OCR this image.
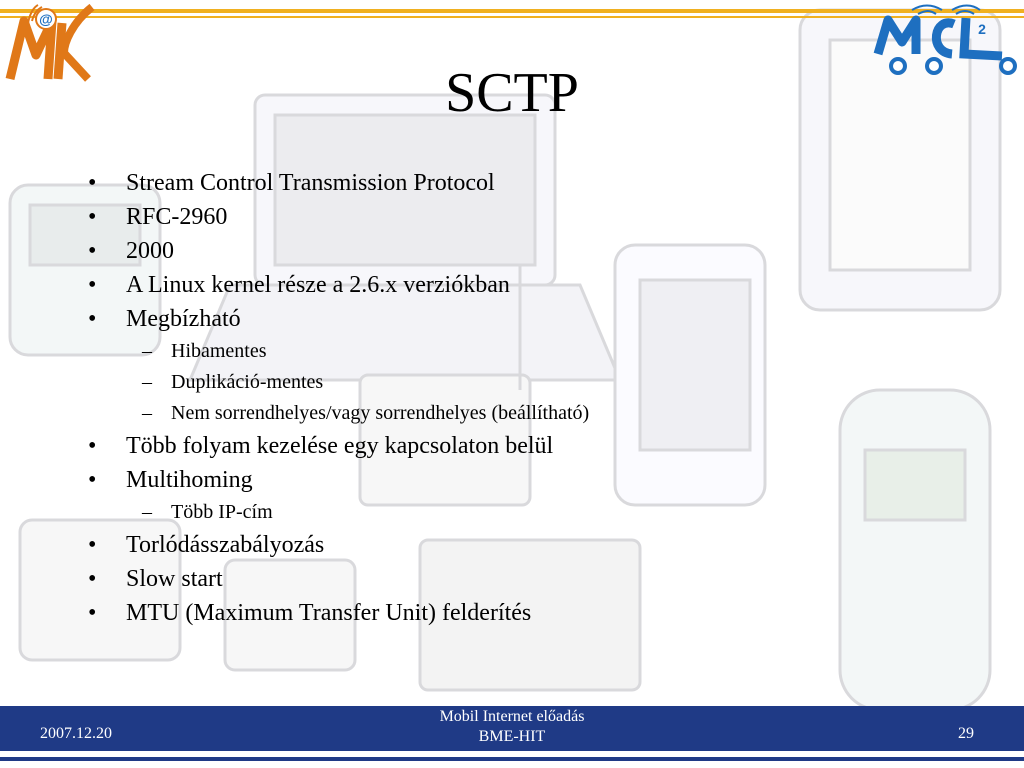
@
2
SCTP
• Stream Control Transmission Protocol
• RFC-2960
• 2000
• A Linux kernel része a 2.6.x verziókban
• Megbízható
– Hibamentes
– Duplikáció-mentes
– Nem sorrendhelyes/vagy sorrendhelyes (beállítható)
• Több folyam kezelése egy kapcsolaton belül
• Multihoming
– Több IP-cím
• Torlódásszabályozás
• Slow start
• MTU (Maximum Transfer Unit) felderítés
2007.12.20
Mobil Internet előadás
BME-HIT	29
